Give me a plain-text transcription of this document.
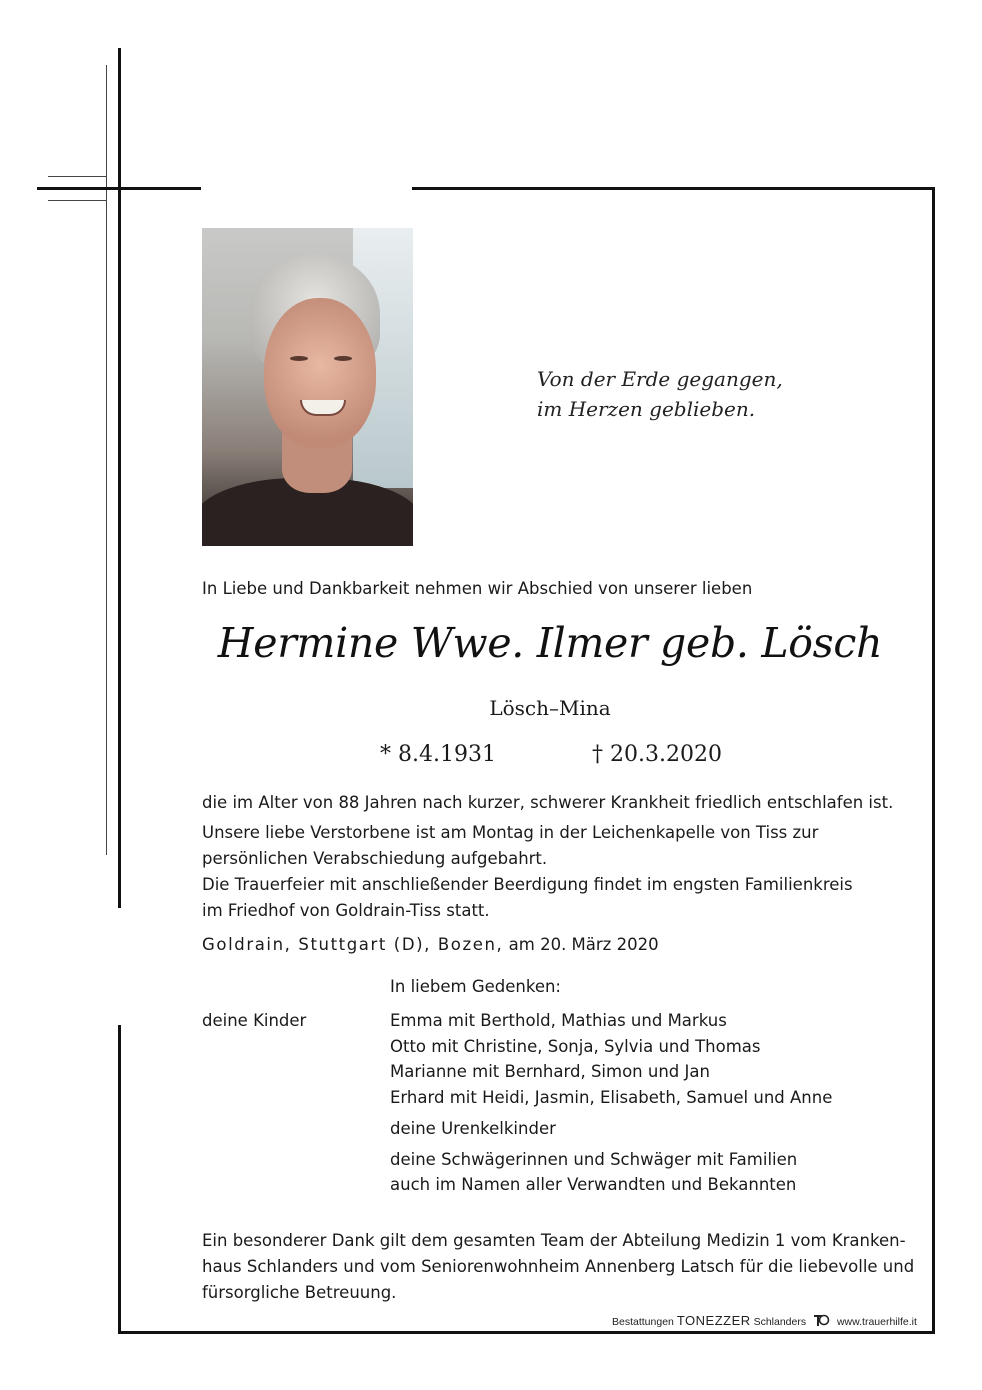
Von der Erde gegangen,
im Herzen geblieben.
In Liebe und Dankbarkeit nehmen wir Abschied von unserer lieben
Hermine Wwe. Ilmer geb. Lösch
Lösch–Mina
* 8.4.1931	† 20.3.2020
die im Alter von 88 Jahren nach kurzer, schwerer Krankheit friedlich entschlafen ist.
Unsere liebe Verstorbene ist am Montag in der Leichenkapelle von Tiss zur
persönlichen Verabschiedung aufgebahrt.
Die Trauerfeier mit anschließender Beerdigung findet im engsten Familienkreis
im Friedhof von Goldrain-Tiss statt.
Goldrain, Stuttgart (D), Bozen, am 20. März 2020
In liebem Gedenken:
deine Kinder	Emma mit Berthold, Mathias und Markus
Otto mit Christine, Sonja, Sylvia und Thomas
Marianne mit Bernhard, Simon und Jan
Erhard mit Heidi, Jasmin, Elisabeth, Samuel und Anne
deine Urenkelkinder
deine Schwägerinnen und Schwäger mit Familien
auch im Namen aller Verwandten und Bekannten
Ein besonderer Dank gilt dem gesamten Team der Abteilung Medizin 1 vom Kranken-
haus Schlanders und vom Seniorenwohnheim Annenberg Latsch für die liebevolle und
fürsorgliche Betreuung.
Bestattungen TONEZZER Schlanders	www.trauerhilfe.it
